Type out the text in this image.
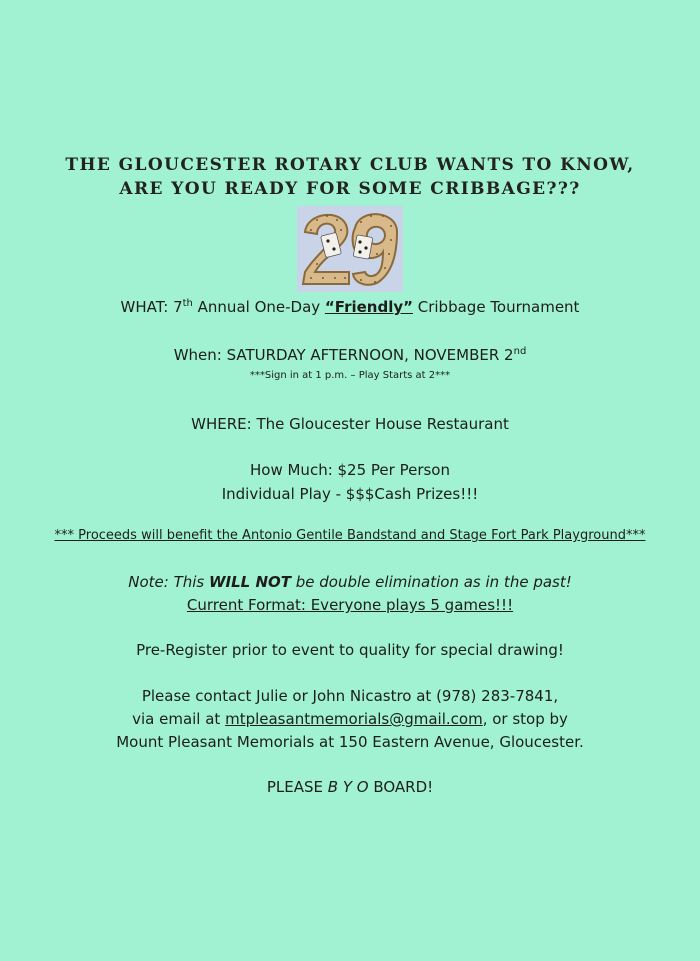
THE GLOUCESTER ROTARY CLUB WANTS TO KNOW,
ARE YOU READY FOR SOME CRIBBAGE???
WHAT: 7th Annual One-Day “Friendly” Cribbage Tournament
When: SATURDAY AFTERNOON, NOVEMBER 2nd
***Sign in at 1 p.m. – Play Starts at 2***
WHERE: The Gloucester House Restaurant
How Much: $25 Per Person
Individual Play - $$$Cash Prizes!!!
*** Proceeds will benefit the Antonio Gentile Bandstand and Stage Fort Park Playground***
Note: This WILL NOT be double elimination as in the past!
Current Format: Everyone plays 5 games!!!
Pre-Register prior to event to quality for special drawing!
Please contact Julie or John Nicastro at (978) 283-7841,
via email at mtpleasantmemorials@gmail.com, or stop by
Mount Pleasant Memorials at 150 Eastern Avenue, Gloucester.
PLEASE B Y O BOARD!
